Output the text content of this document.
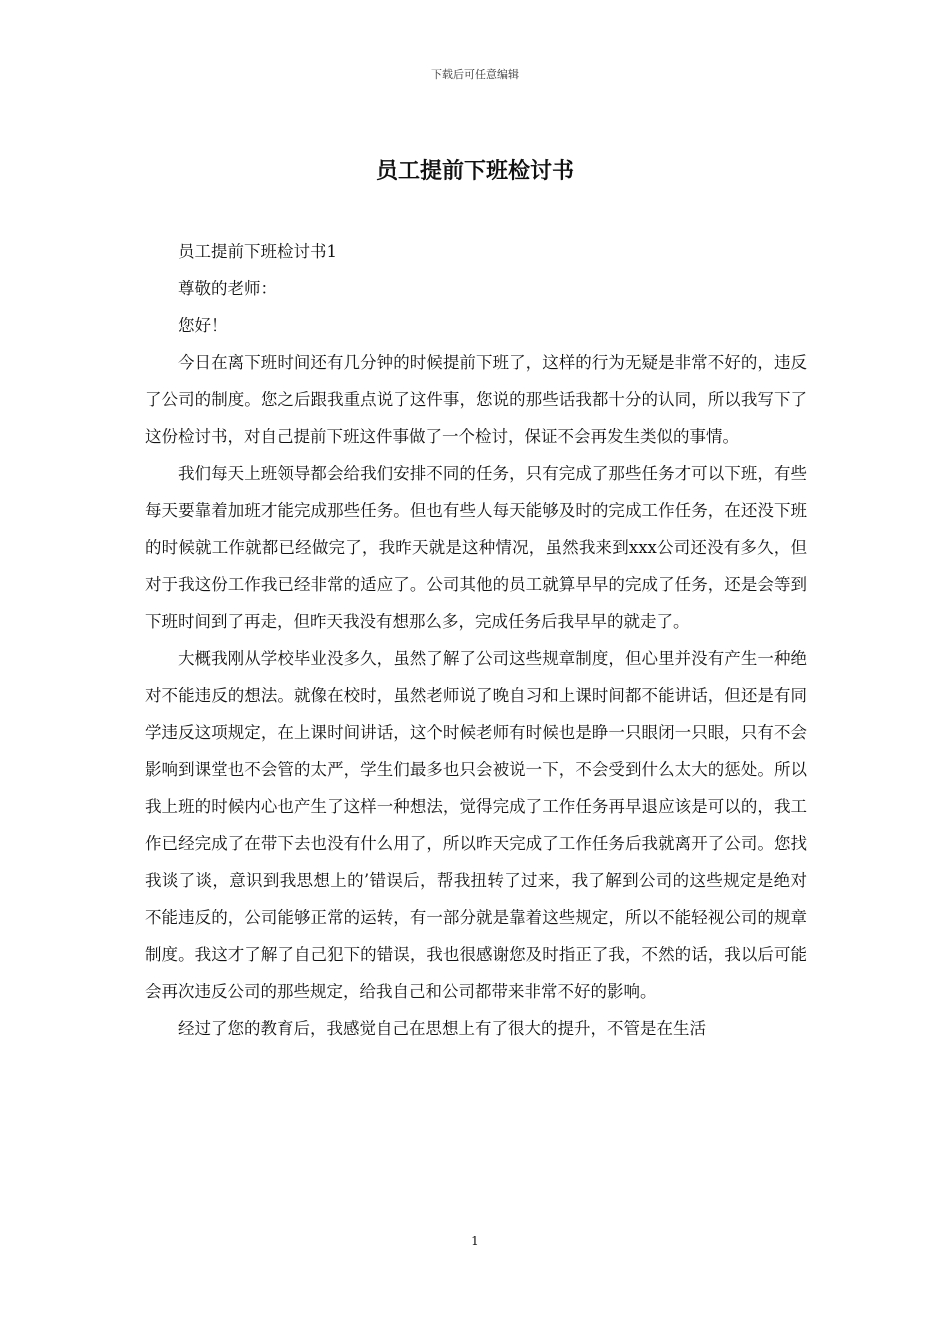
下载后可任意编辑
员工提前下班检讨书

员工提前下班检讨书1

尊敬的老师：

您好！

今日在离下班时间还有几分钟的时候提前下班了，这样的行为无疑是非常不好的，违反了公司的制度。您之后跟我重点说了这件事，您说的那些话我都十分的认同，所以我写下了这份检讨书，对自己提前下班这件事做了一个检讨，保证不会再发生类似的事情。

我们每天上班领导都会给我们安排不同的任务，只有完成了那些任务才可以下班，有些每天要靠着加班才能完成那些任务。但也有些人每天能够及时的完成工作任务，在还没下班的时候就工作就都已经做完了，我昨天就是这种情况，虽然我来到xxx公司还没有多久，但对于我这份工作我已经非常的适应了。公司其他的员工就算早早的完成了任务，还是会等到下班时间到了再走，但昨天我没有想那么多，完成任务后我早早的就走了。

大概我刚从学校毕业没多久，虽然了解了公司这些规章制度，但心里并没有产生一种绝对不能违反的想法。就像在校时，虽然老师说了晚自习和上课时间都不能讲话，但还是有同学违反这项规定，在上课时间讲话，这个时候老师有时候也是睁一只眼闭一只眼，只有不会影响到课堂也不会管的太严，学生们最多也只会被说一下，不会受到什么太大的惩处。所以我上班的时候内心也产生了这样一种想法，觉得完成了工作任务再早退应该是可以的，我工作已经完成了在带下去也没有什么用了，所以昨天完成了工作任务后我就离开了公司。您找我谈了谈，意识到我思想上的’错误后，帮我扭转了过来，我了解到公司的这些规定是绝对不能违反的，公司能够正常的运转，有一部分就是靠着这些规定，所以不能轻视公司的规章制度。我这才了解了自己犯下的错误，我也很感谢您及时指正了我，不然的话，我以后可能会再次违反公司的那些规定，给我自己和公司都带来非常不好的影响。

经过了您的教育后，我感觉自己在思想上有了很大的提升，不管是在生活

1
